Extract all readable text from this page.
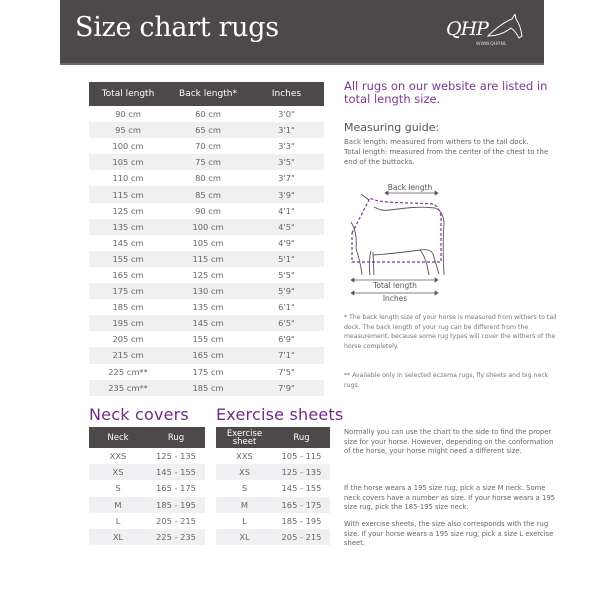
Size chart rugs	QHP
WWW.QHP.NL
Total length	Back length*	Inches
90 cm	60 cm	3'0"
95 cm	65 cm	3'1"
100 cm	70 cm	3'3"
105 cm	75 cm	3'5"
110 cm	80 cm	3'7"
115 cm	85 cm	3'9"
125 cm	90 cm	4'1"
135 cm	100 cm	4'5"
145 cm	105 cm	4'9"
155 cm	115 cm	5'1"
165 cm	125 cm	5'5"
175 cm	130 cm	5'9"
185 cm	135 cm	6'1"
195 cm	145 cm	6'5"
205 cm	155 cm	6'9"
215 cm	165 cm	7'1"
225 cm**	175 cm	7'5"
235 cm**	185 cm	7'9"
Neck covers
Neck	Rug
XXS	125 - 135
XS	145 - 155
S	165 - 175
M	185 - 195
L	205 - 215
XL	225 - 235
Exercise sheets
Exercise sheet	Rug
XXS	105 - 115
XS	125 - 135
S	145 - 155
M	165 - 175
L	185 - 195
XL	205 - 215
All rugs on our website are listed in total length size.
Measuring guide:
Back length: measured from withers to the tail dock.
Total length: measured from the center of the chest to the end of the buttocks.
Back length
Total length
Inches
* The back length size of your horse is measured from withers to tail dock. The back length of your rug can be different from the measurement, because some rug types will cover the withers of the horse completely.
** Available only in selected eczema rugs, fly sheets and big neck rugs.
Normally you can use the chart to the side to find the proper size for your horse. However, depending on the conformation of the horse, your horse might need a different size.
If the horse wears a 195 size rug, pick a size M neck. Some neck covers have a number as size. If your horse wears a 195 size rug, pick the 185-195 size neck.
With exercise sheets, the size also corresponds with the rug size. If your horse wears a 195 size rug, pick a size L exercise sheet.
